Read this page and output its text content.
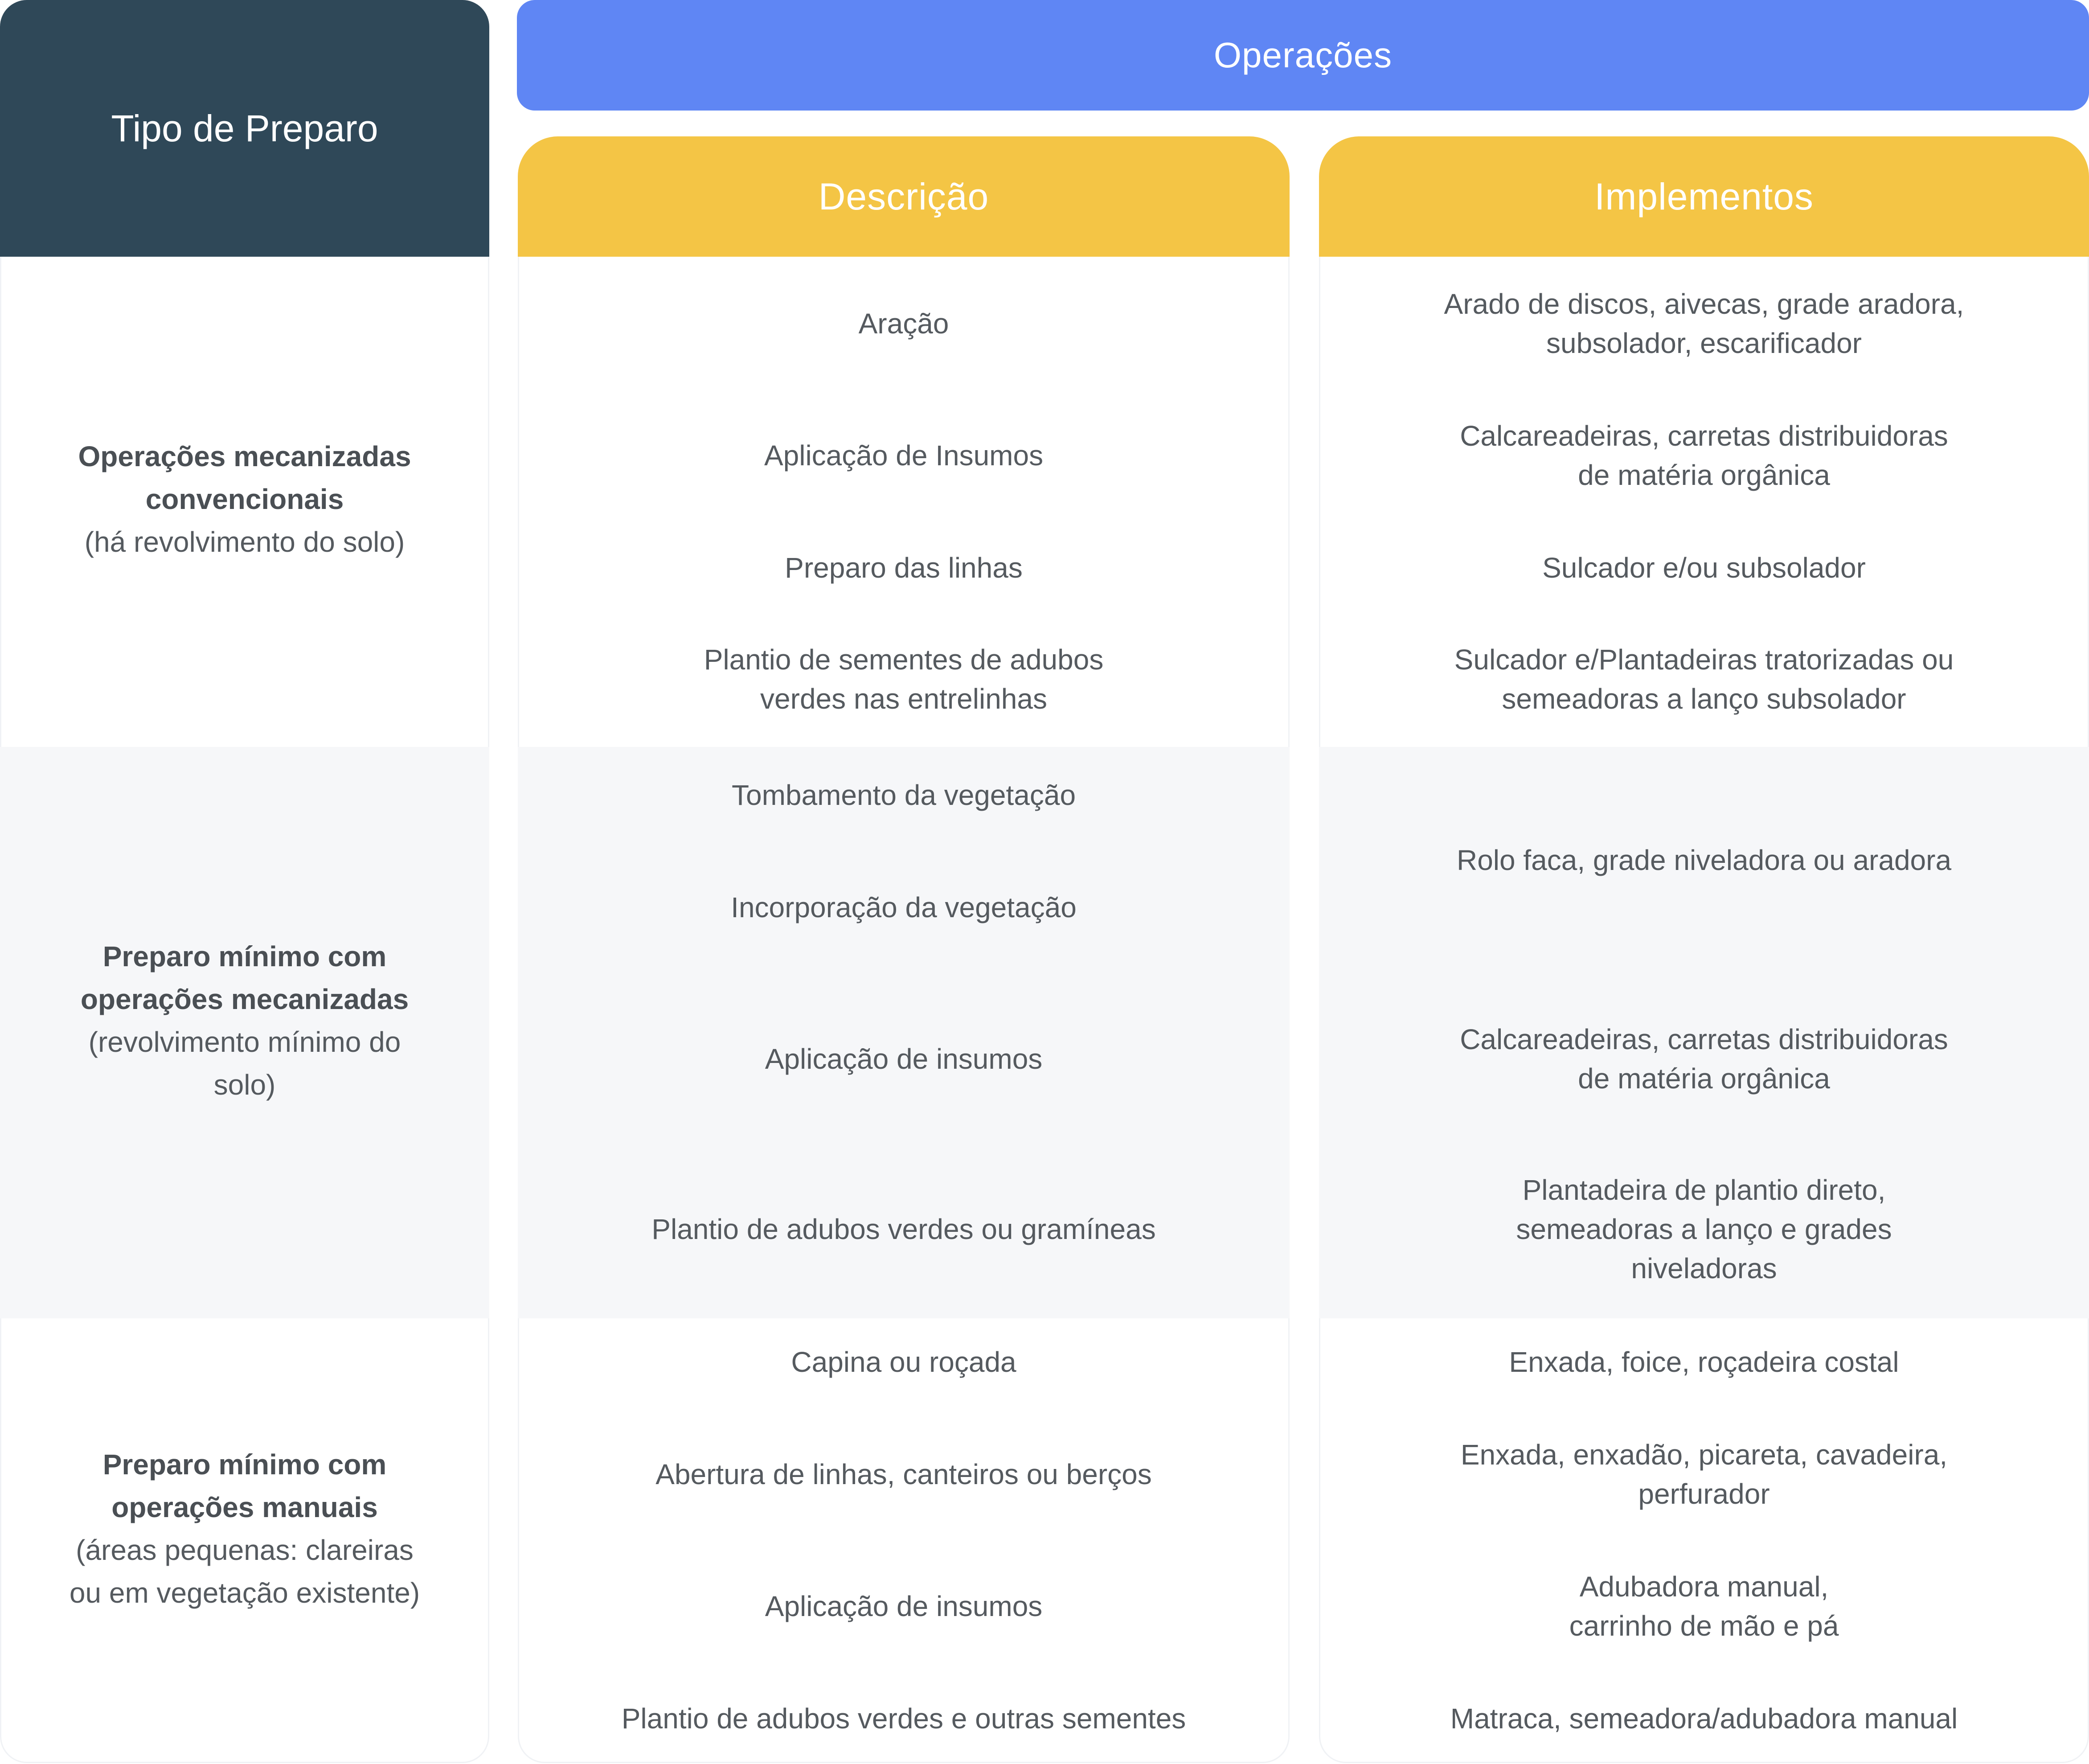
Tipo de Preparo
Operações
Descrição	Implementos
Operações mecanizadas
convencionais
(há revolvimento do solo)
Aração
Aplicação de Insumos
Preparo das linhas
Plantio de sementes de adubos
verdes nas entrelinhas
Arado de discos, aivecas, grade aradora,
subsolador, escarificador
Calcareadeiras, carretas distribuidoras
de matéria orgânica
Sulcador e/ou subsolador
Sulcador e/Plantadeiras tratorizadas ou
semeadoras a lanço subsolador
Preparo mínimo com
operações mecanizadas
(revolvimento mínimo do
solo)
Tombamento da vegetação
Incorporação da vegetação
Aplicação de insumos
Plantio de adubos verdes ou gramíneas
Rolo faca, grade niveladora ou aradora
Calcareadeiras, carretas distribuidoras
de matéria orgânica
Plantadeira de plantio direto,
semeadoras a lanço e grades
niveladoras
Preparo mínimo com
operações manuais
(áreas pequenas: clareiras
ou em vegetação existente)
Capina ou roçada
Abertura de linhas, canteiros ou berços
Aplicação de insumos
Plantio de adubos verdes e outras sementes
Enxada, foice, roçadeira costal
Enxada, enxadão, picareta, cavadeira,
perfurador
Adubadora manual,
carrinho de mão e pá
Matraca, semeadora/adubadora manual
